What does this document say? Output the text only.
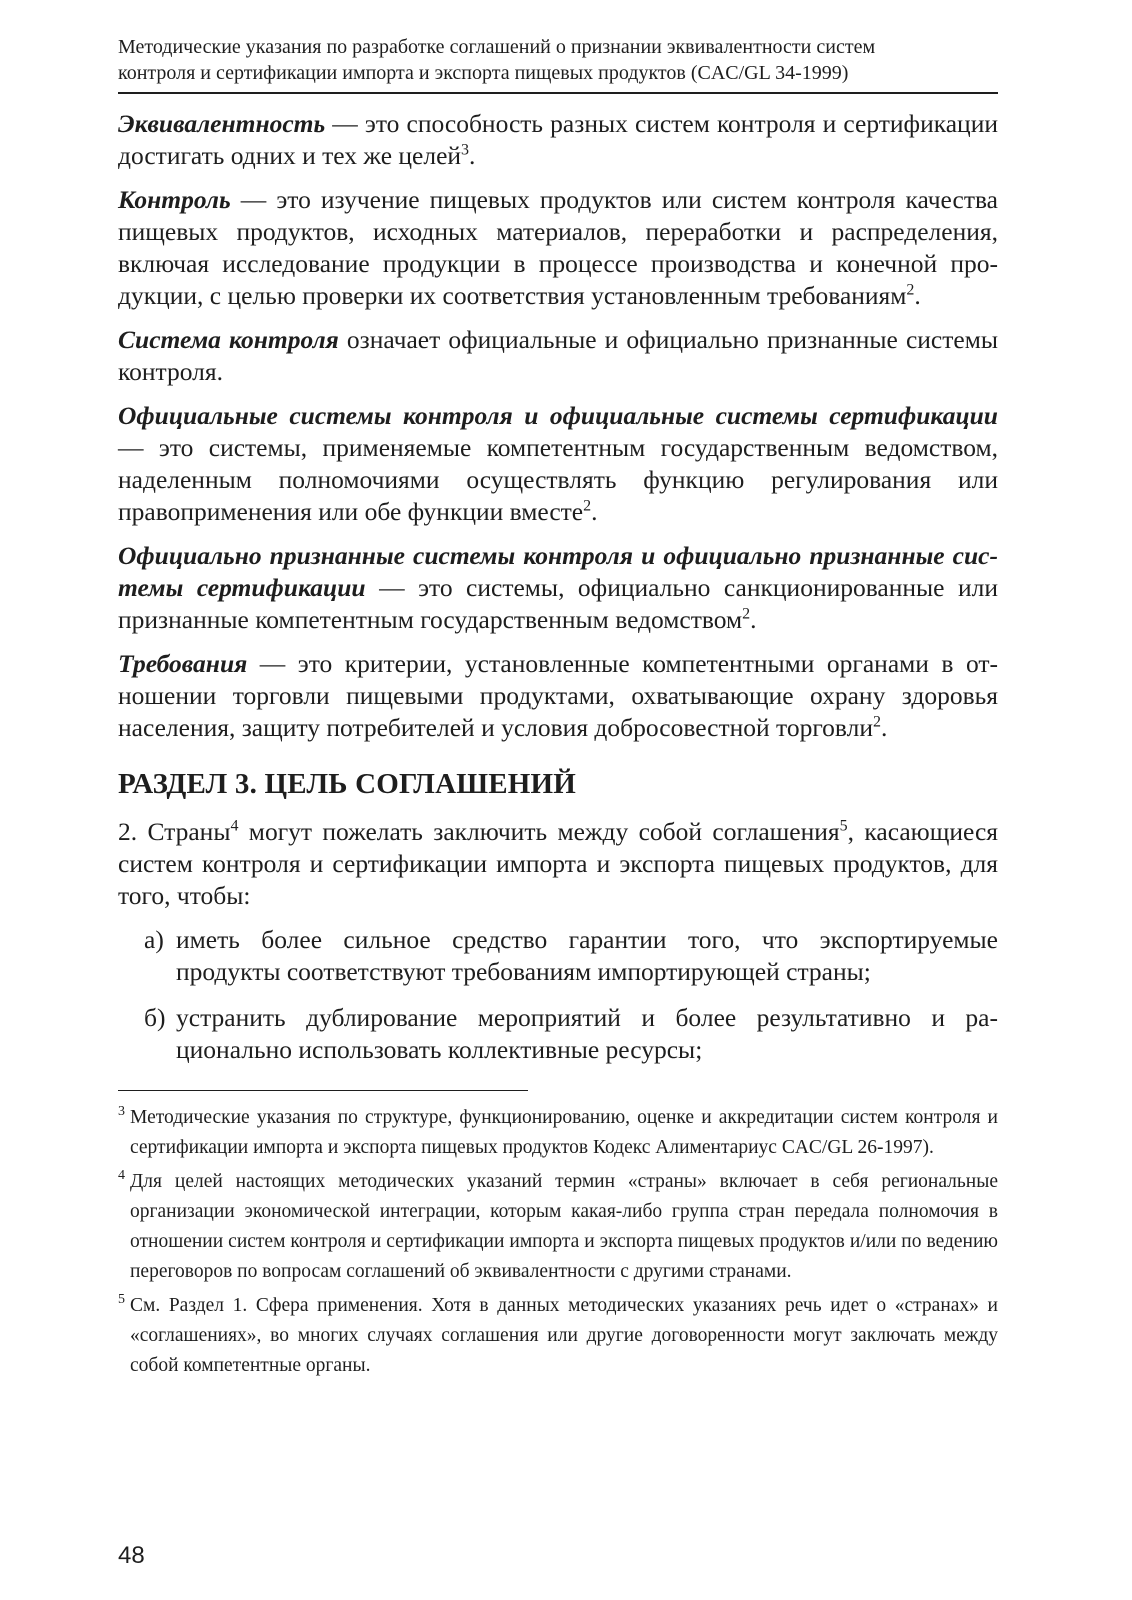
Методические указания по разработке соглашений о признании эквивалентности систем
контроля и сертификации импорта и экспорта пищевых продуктов (CAC/GL 34-1999)

Эквивалентность — это способность разных систем контроля и сертификации достигать одних и тех же целей$^3$.

Контроль — это изучение пищевых продуктов или систем контроля качества пищевых продуктов, исходных материалов, переработки и распределения, включая исследование продукции в процессе производства и конечной продукции, с целью проверки их соответствия установленным требованиям$^2$.

Система контроля означает официальные и официально признанные системы контроля.

Официальные системы контроля и официальные системы сертификации — это системы, применяемые компетентным государственным ведомством, наделенным полномочиями осуществлять функцию регулирования или правоприменения или обе функции вместе$^2$.

Официально признанные системы контроля и официально признанные системы сертификации — это системы, официально санкционированные или признанные компетентным государственным ведомством$^2$.

Требования — это критерии, установленные компетентными органами в отношении торговли пищевыми продуктами, охватывающие охрану здоровья населения, защиту потребителей и условия добросовестной торговли$^2$.

РАЗДЕЛ 3. ЦЕЛЬ СОГЛАШЕНИЙ

2. Страны$^4$ могут пожелать заключить между собой соглашения$^5$, касающиеся систем контроля и сертификации импорта и экспорта пищевых продуктов, для того, чтобы:

а) иметь более сильное средство гарантии того, что экспортируемые продукты соответствуют требованиям импортирующей страны;
б) устранить дублирование мероприятий и более результативно и рационально использовать коллективные ресурсы;

3 Методические указания по структуре, функционированию, оценке и аккредитации систем контроля и сертификации импорта и экспорта пищевых продуктов Кодекс Алиментариус CAC/GL 26-1997).

4 Для целей настоящих методических указаний термин «страны» включает в себя региональные организации экономической интеграции, которым какая-либо группа стран передала полномочия в отношении систем контроля и сертификации импорта и экспорта пищевых продуктов и/или по ведению переговоров по вопросам соглашений об эквивалентности с другими странами.

5 См. Раздел 1. Сфера применения. Хотя в данных методических указаниях речь идет о «странах» и «соглашениях», во многих случаях соглашения или другие договоренности могут заключать между собой компетентные органы.

48
